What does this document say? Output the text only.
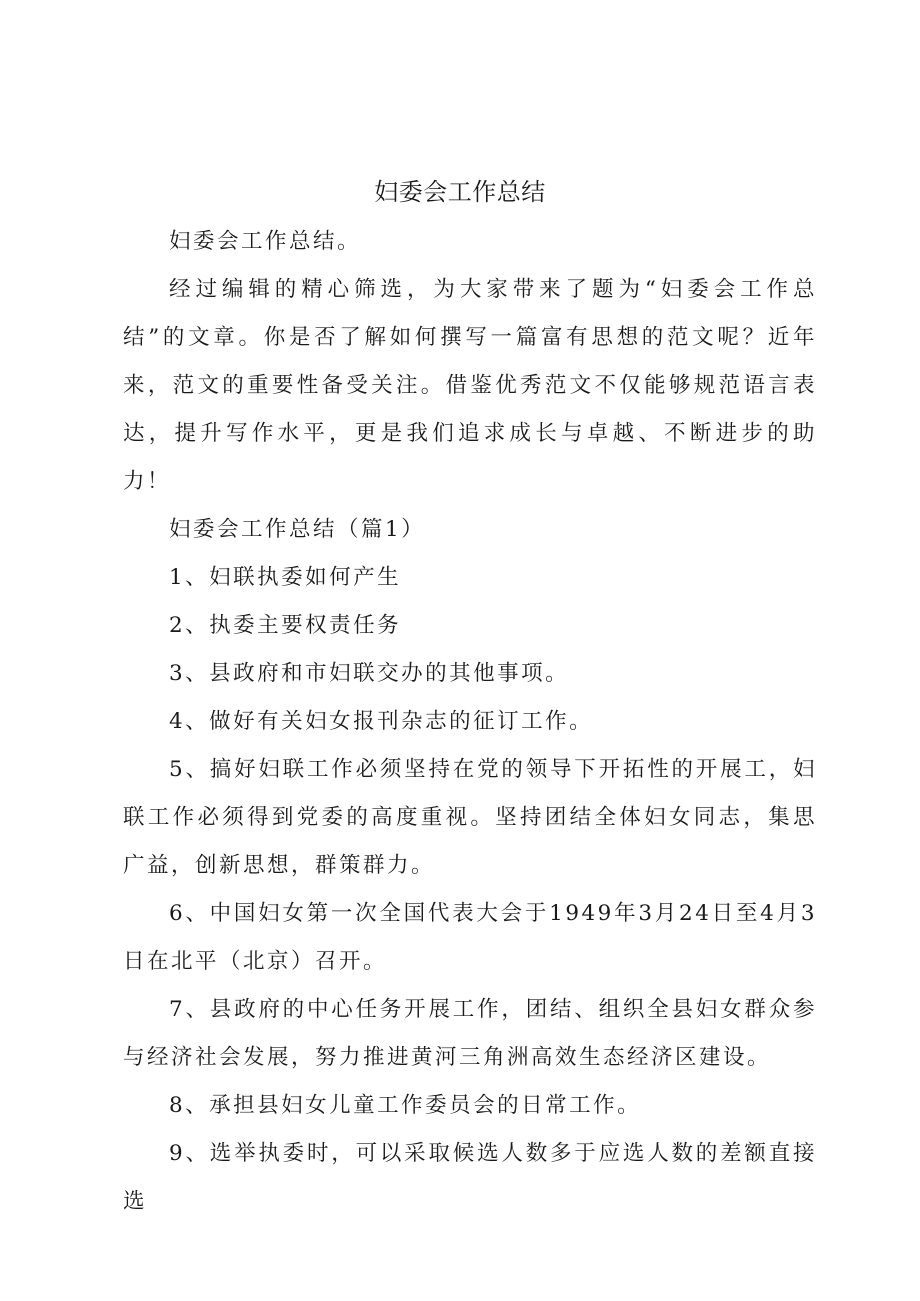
妇委会工作总结

妇委会工作总结。

经过编辑的精心筛选，为大家带来了题为“妇委会工作总结”的文章。你是否了解如何撰写一篇富有思想的范文呢？近年来，范文的重要性备受关注。借鉴优秀范文不仅能够规范语言表达，提升写作水平，更是我们追求成长与卓越、不断进步的助力！

妇委会工作总结（篇1）

1、妇联执委如何产生

2、执委主要权责任务

3、县政府和市妇联交办的其他事项。

4、做好有关妇女报刊杂志的征订工作。

5、搞好妇联工作必须坚持在党的领导下开拓性的开展工，妇联工作必须得到党委的高度重视。坚持团结全体妇女同志，集思广益，创新思想，群策群力。

6、中国妇女第一次全国代表大会于1949年3月24日至4月3日在北平（北京）召开。

7、县政府的中心任务开展工作，团结、组织全县妇女群众参与经济社会发展，努力推进黄河三角洲高效生态经济区建设。

8、承担县妇女儿童工作委员会的日常工作。

9、选举执委时，可以采取候选人数多于应选人数的差额直接选
